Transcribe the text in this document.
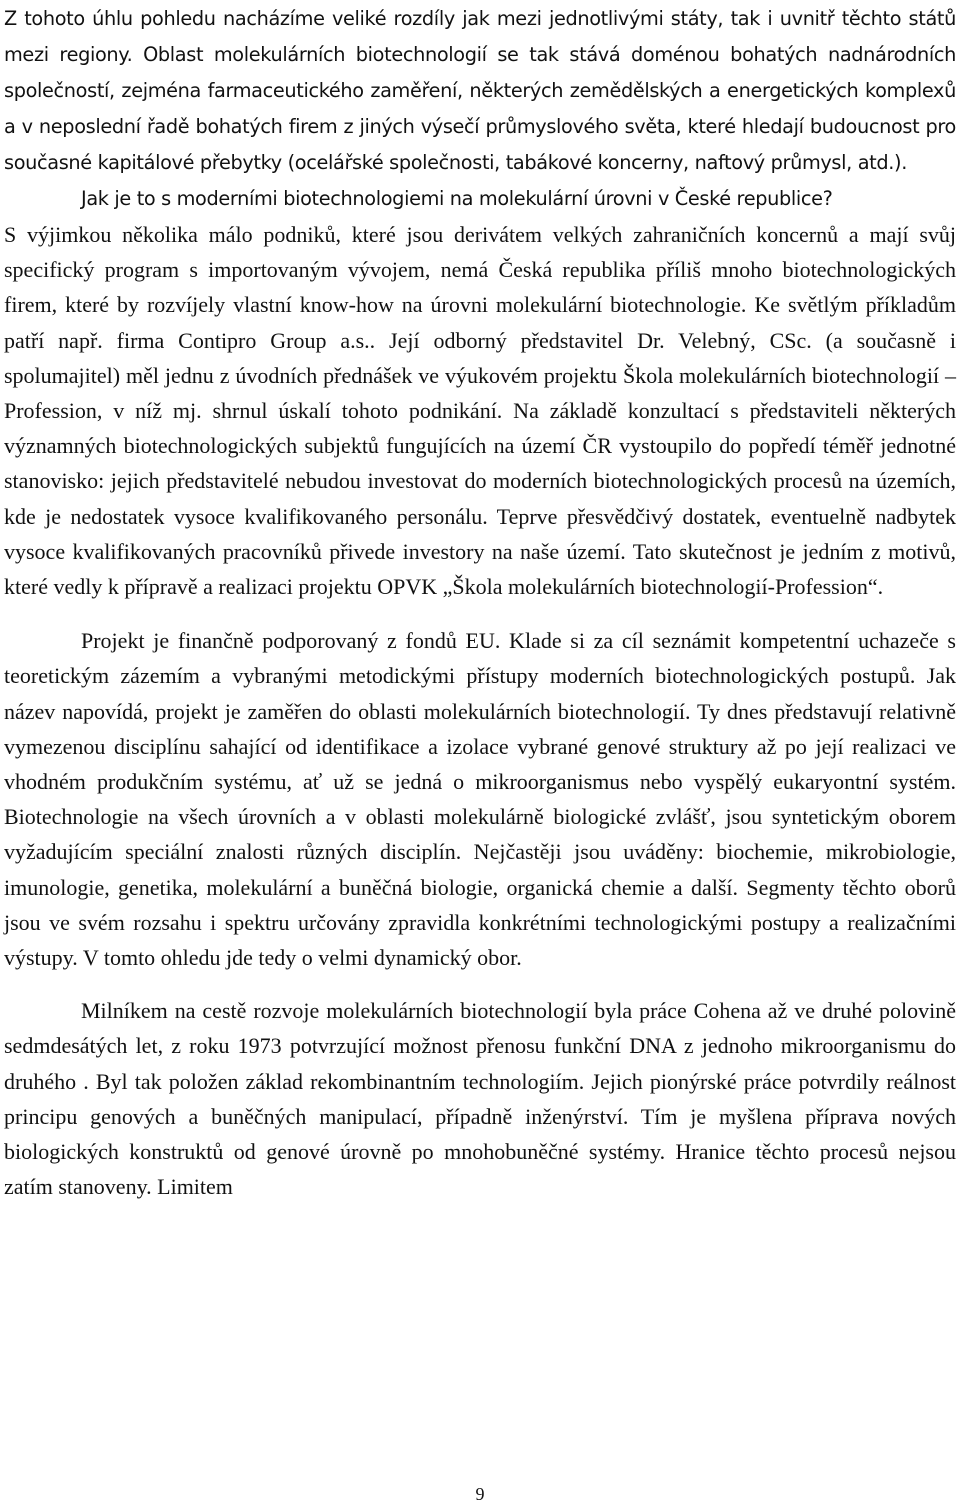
Z tohoto úhlu pohledu nacházíme veliké rozdíly jak mezi jednotlivými státy, tak i uvnitř těchto států mezi regiony. Oblast molekulárních biotechnologií se tak stává doménou bohatých nadnárodních společností, zejména farmaceutického zaměření, některých zemědělských a energetických komplexů a v neposlední řadě bohatých firem z jiných výsečí průmyslového světa, které hledají budoucnost pro současné kapitálové přebytky (ocelářské společnosti, tabákové koncerny, naftový průmysl, atd.).

Jak je to s moderními biotechnologiemi na molekulární úrovni v České republice?

S výjimkou několika málo podniků, které jsou derivátem velkých zahraničních koncernů a mají svůj specifický program s importovaným vývojem, nemá Česká republika příliš mnoho biotechnologických firem, které by rozvíjely vlastní know-how na úrovni molekulární biotechnologie. Ke světlým příkladům patří např. firma Contipro Group a.s.. Její odborný představitel Dr. Velebný, CSc. (a současně i spolumajitel) měl jednu z úvodních přednášek ve výukovém projektu Škola molekulárních biotechnologií – Profession, v níž mj. shrnul úskalí tohoto podnikání. Na základě konzultací s představiteli některých významných biotechnologických subjektů fungujících na území ČR vystoupilo do popředí téměř jednotné stanovisko: jejich představitelé nebudou investovat do moderních biotechnologických procesů na územích, kde je nedostatek vysoce kvalifikovaného personálu. Teprve přesvědčivý dostatek, eventuelně nadbytek vysoce kvalifikovaných pracovníků přivede investory na naše území. Tato skutečnost je jedním z motivů, které vedly k přípravě a realizaci projektu OPVK „Škola molekulárních biotechnologií-Profession“.

Projekt je finančně podporovaný z fondů EU. Klade si za cíl seznámit kompetentní uchazeče s teoretickým zázemím a vybranými metodickými přístupy moderních biotechnologických postupů. Jak název napovídá, projekt je zaměřen do oblasti molekulárních biotechnologií. Ty dnes představují relativně vymezenou disciplínu sahající od identifikace a izolace vybrané genové struktury až po její realizaci ve vhodném produkčním systému, ať už se jedná o mikroorganismus nebo vyspělý eukaryontní systém. Biotechnologie na všech úrovních a v oblasti molekulárně biologické zvlášť, jsou syntetickým oborem vyžadujícím speciální znalosti různých disciplín. Nejčastěji jsou uváděny: biochemie, mikrobiologie, imunologie, genetika, molekulární a buněčná biologie, organická chemie a další. Segmenty těchto oborů jsou ve svém rozsahu i spektru určovány zpravidla konkrétními technologickými postupy a realizačními výstupy. V tomto ohledu jde tedy o velmi dynamický obor.

Milníkem na cestě rozvoje molekulárních biotechnologií byla práce Cohena až ve druhé polovině sedmdesátých let, z roku 1973 potvrzující možnost přenosu funkční DNA z jednoho mikroorganismu do druhého . Byl tak položen základ rekombinantním technologiím. Jejich pionýrské práce potvrdily reálnost principu genových a buněčných manipulací, případně inženýrství. Tím je myšlena příprava nových biologických konstruktů od genové úrovně po mnohobuněčné systémy. Hranice těchto procesů nejsou zatím stanoveny. Limitem

9
